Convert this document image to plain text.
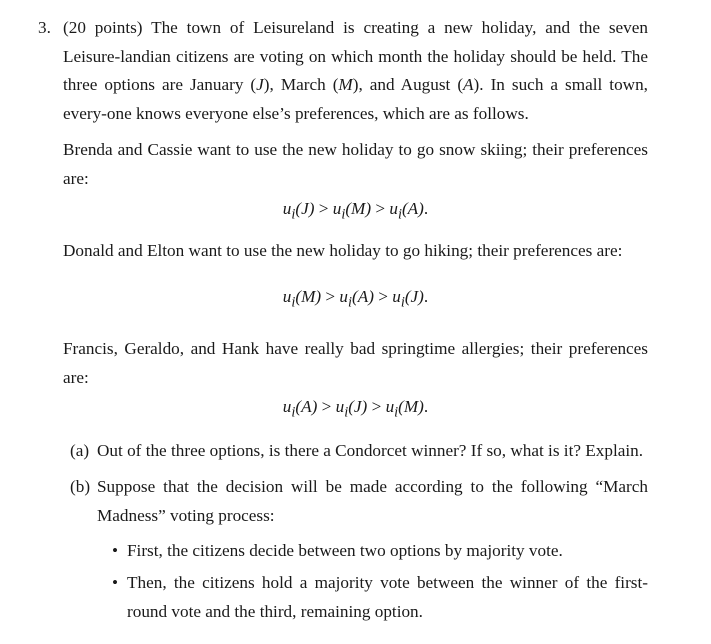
3. (20 points) The town of Leisureland is creating a new holiday, and the seven Leisure-landian citizens are voting on which month the holiday should be held. The three options are January (J), March (M), and August (A). In such a small town, every-one knows everyone else’s preferences, which are as follows.
Brenda and Cassie want to use the new holiday to go snow skiing; their preferences are:
$u_i(J) > u_i(M) > u_i(A)$.
Donald and Elton want to use the new holiday to go hiking; their preferences are:
$u_i(M) > u_i(A) > u_i(J)$.
Francis, Geraldo, and Hank have really bad springtime allergies; their preferences are:
$u_i(A) > u_i(J) > u_i(M)$.
(a) Out of the three options, is there a Condorcet winner? If so, what is it? Explain.
(b) Suppose that the decision will be made according to the following “March Madness” voting process:
• First, the citizens decide between two options by majority vote.
• Then, the citizens hold a majority vote between the winner of the first-round vote and the third, remaining option.
